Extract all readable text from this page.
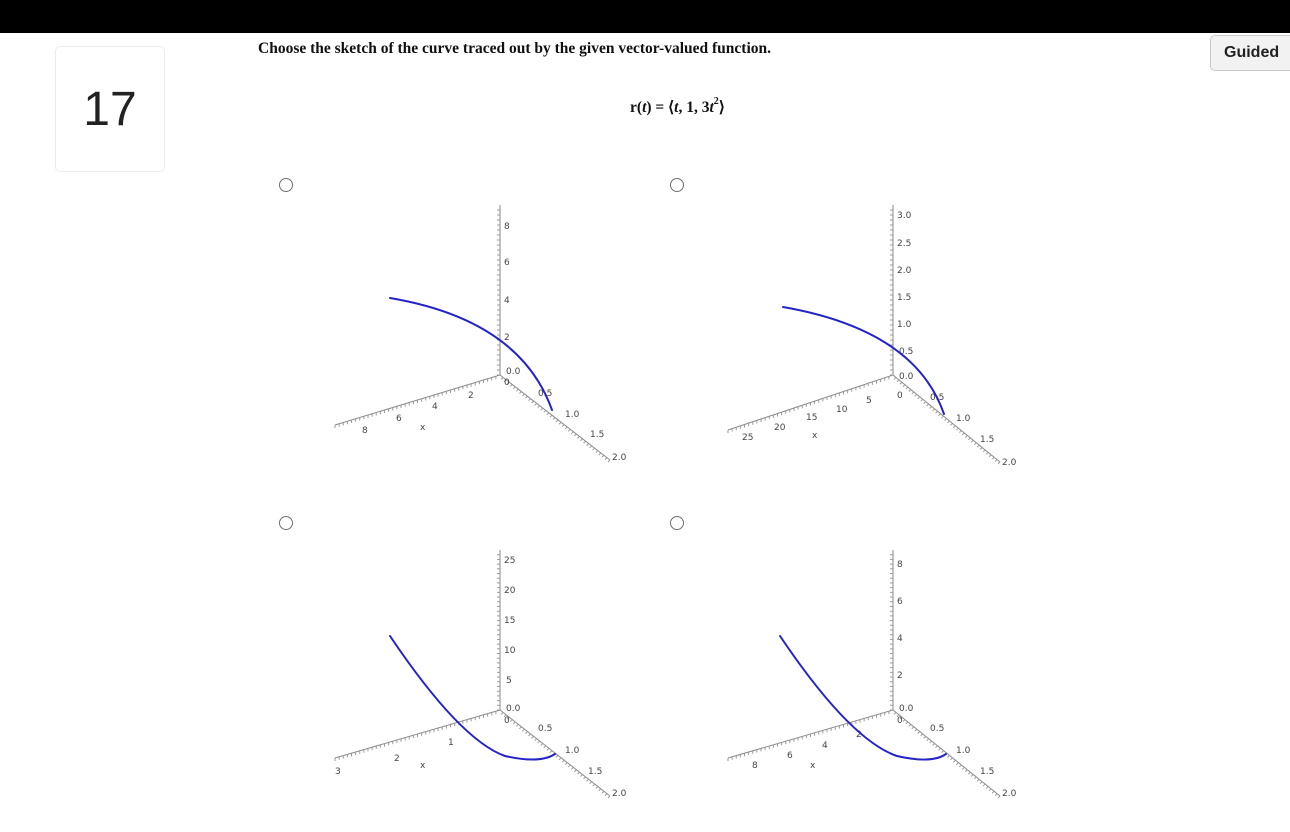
17
Choose the sketch of the curve traced out by the given vector-valued function.
r(t) = ⟨t, 1, $3t^2⟩$
Guided
8
6
4
2
0.0
0
8
6
4
2
x
0.5
1.0
1.5
2.0
3.0
2.5
2.0
1.5
1.0
0.5
0.0
0
25
20
15
10
5
x
0.5
1.0
1.5
2.0
25
20
15
10
5
0.0
0
3
2
1
x
0.5
1.0
1.5
2.0
8
6
4
2
0.0
0
8
6
4
2
x
0.5
1.0
1.5
2.0
